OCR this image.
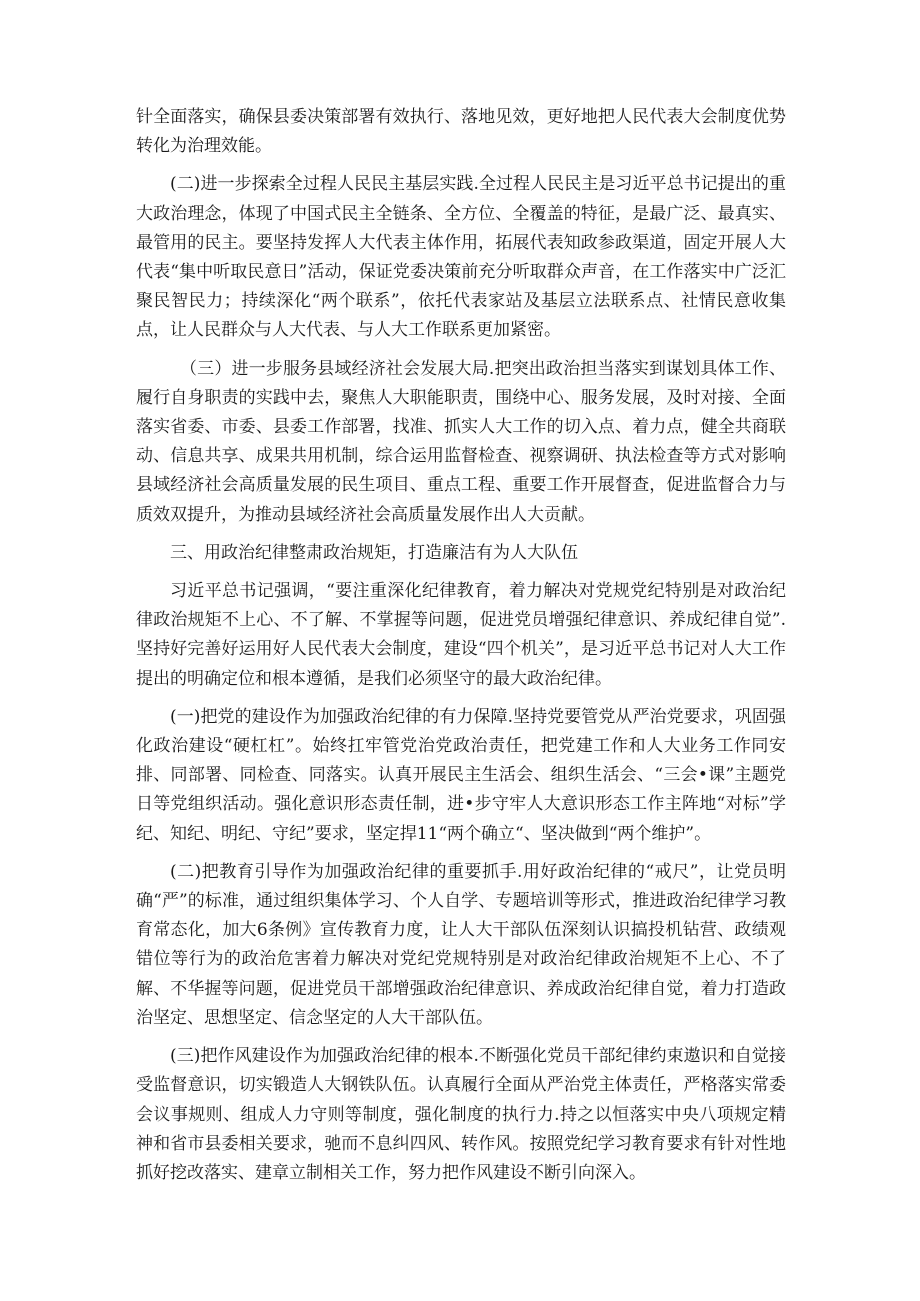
针全面落实，确保县委决策部署有效执行、落地见效，更好地把人民代表大会制度优势转化为治理效能。

(二)进一步探索全过程人民民主基层实践.全过程人民民主是习近平总书记提出的重大政治理念，体现了中国式民主全链条、全方位、全覆盖的特征，是最广泛、最真实、最管用的民主。要坚持发挥人大代表主体作用，拓展代表知政参政渠道，固定开展人大代表“集中听取民意日”活动，保证党委决策前充分听取群众声音，在工作落实中广泛汇聚民智民力；持续深化“两个联系”，依托代表家站及基层立法联系点、社情民意收集点，让人民群众与人大代表、与人大工作联系更加紧密。

（三）进一步服务县域经济社会发展大局.把突出政治担当落实到谋划具体工作、履行自身职责的实践中去，聚焦人大职能职责，围绕中心、服务发展，及时对接、全面落实省委、市委、县委工作部署，找准、抓实人大工作的切入点、着力点，健全共商联动、信息共享、成果共用机制，综合运用监督检查、视察调研、执法检查等方式对影响县域经济社会高质量发展的民生项目、重点工程、重要工作开展督查，促进监督合力与质效双提升，为推动县域经济社会高质量发展作出人大贡献。

三、用政治纪律整肃政治规矩，打造廉洁有为人大队伍

习近平总书记强调，“要注重深化纪律教育，着力解决对党规党纪特别是对政治纪律政治规矩不上心、不了解、不掌握等问题，促进党员增强纪律意识、养成纪律自觉”.坚持好完善好运用好人民代表大会制度，建设“四个机关”，是习近平总书记对人大工作提出的明确定位和根本遵循，是我们必须坚守的最大政治纪律。

(一)把党的建设作为加强政治纪律的有力保障.坚持党要管党从严治党要求，巩固强化政治建设“硬杠杠”。始终扛牢管党治党政治责任，把党建工作和人大业务工作同安排、同部署、同检查、同落实。认真开展民主生活会、组织生活会、“三会•课”主题党日等党组织活动。强化意识形态责任制，进•步守牢人大意识形态工作主阵地“对标”学纪、知纪、明纪、守纪”要求，坚定捍11“两个确立“、坚决做到“两个维护”。

(二)把教育引导作为加强政治纪律的重要抓手.用好政治纪律的“戒尺”，让党员明确“严”的标准，通过组织集体学习、个人自学、专题培训等形式，推进政治纪律学习教育常态化，加大6条例》宣传教育力度，让人大干部队伍深刻认识搞投机钻营、政绩观错位等行为的政治危害着力解决对党纪党规特别是对政治纪律政治规矩不上心、不了解、不华握等问题，促进党员干部增强政治纪律意识、养成政治纪律自觉，着力打造政治坚定、思想坚定、信念坚定的人大干部队伍。

(三)把作风建设作为加强政治纪律的根本.不断强化党员干部纪律约束遨识和自觉接受监督意识，切实锻造人大钢铁队伍。认真履行全面从严治党主体责任，严格落实常委会议事规则、组成人力守则等制度，强化制度的执行力.持之以恒落实中央八项规定精神和省市县委相关要求，驰而不息纠四风、转作风。按照党纪学习教育要求有针对性地抓好挖改落实、建章立制相关工作，努力把作风建设不断引向深入。
